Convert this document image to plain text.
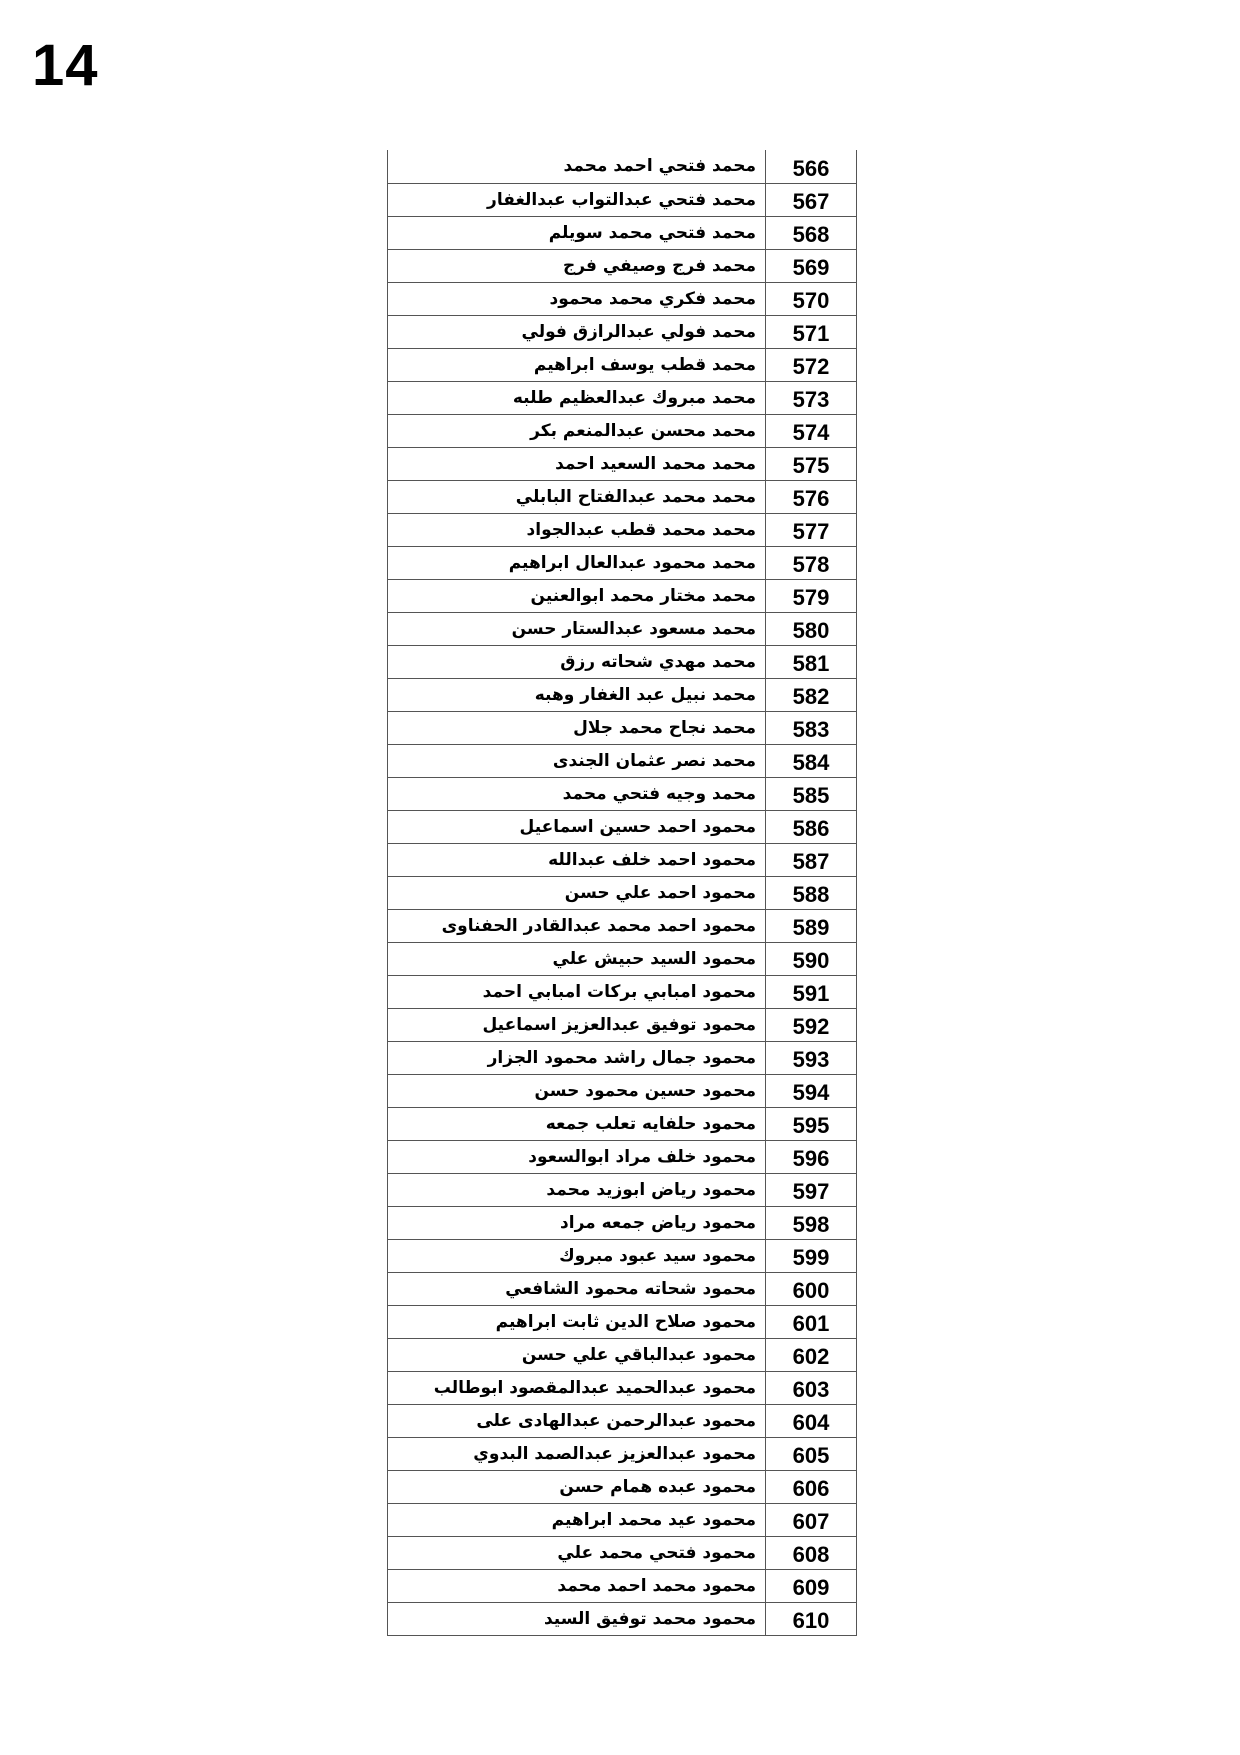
14
محمد فتحي احمد محمد	566
محمد فتحي عبدالتواب عبدالغفار	567
محمد فتحي محمد سويلم	568
محمد فرج وصيفي فرج	569
محمد فكري محمد محمود	570
محمد فولي عبدالرازق فولي	571
محمد قطب يوسف ابراهيم	572
محمد مبروك عبدالعظيم طلبه	573
محمد محسن عبدالمنعم بكر	574
محمد محمد السعيد احمد	575
محمد محمد عبدالفتاح البابلي	576
محمد محمد قطب عبدالجواد	577
محمد محمود عبدالعال ابراهيم	578
محمد مختار محمد ابوالعنين	579
محمد مسعود عبدالستار حسن	580
محمد مهدي شحاته رزق	581
محمد نبيل عبد الغفار وهبه	582
محمد نجاح محمد جلال	583
محمد نصر عثمان الجندى	584
محمد وجيه فتحي محمد	585
محمود احمد حسين اسماعيل	586
محمود احمد خلف عبدالله	587
محمود احمد علي حسن	588
محمود احمد محمد عبدالقادر الحفناوى	589
محمود السيد حبيش علي	590
محمود امبابي بركات امبابي احمد	591
محمود توفيق عبدالعزيز اسماعيل	592
محمود جمال راشد محمود الجزار	593
محمود حسين محمود حسن	594
محمود حلفايه تعلب جمعه	595
محمود خلف مراد ابوالسعود	596
محمود رياض ابوزيد محمد	597
محمود رياض جمعه مراد	598
محمود سيد عبود مبروك	599
محمود شحاته محمود الشافعي	600
محمود صلاح الدين ثابت ابراهيم	601
محمود عبدالباقي علي حسن	602
محمود عبدالحميد عبدالمقصود ابوطالب	603
محمود عبدالرحمن عبدالهادى على	604
محمود عبدالعزيز عبدالصمد البدوي	605
محمود عبده همام حسن	606
محمود عيد محمد ابراهيم	607
محمود فتحي محمد علي	608
محمود محمد احمد محمد	609
محمود محمد توفيق السيد	610
